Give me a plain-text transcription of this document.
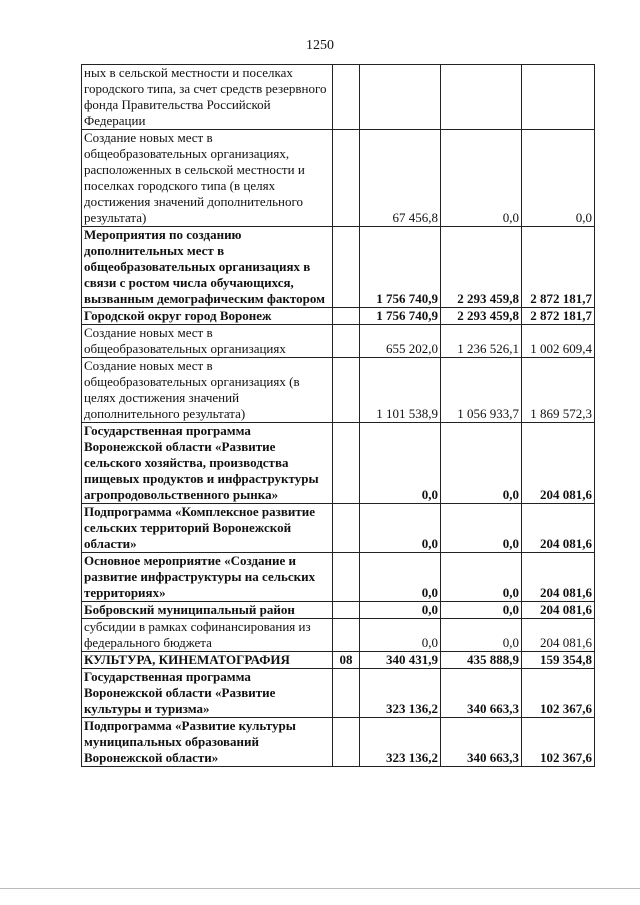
1250
ных в сельской местности и поселках городского типа, за счет средств резервного фонда Правительства Российской Федерации				
Создание новых мест в общеобразовательных организациях, расположенных в сельской местности и поселках городского типа (в целях достижения значений дополнительного результата)		67 456,8	0,0	0,0
Мероприятия по созданию дополнительных мест в общеобразовательных организациях в связи с ростом числа обучающихся, вызванным демографическим фактором		1 756 740,9	2 293 459,8	2 872 181,7
Городской округ город Воронеж		1 756 740,9	2 293 459,8	2 872 181,7
Создание новых мест в общеобразовательных организациях		655 202,0	1 236 526,1	1 002 609,4
Создание новых мест в общеобразовательных организациях (в целях достижения значений дополнительного результата)		1 101 538,9	1 056 933,7	1 869 572,3
Государственная программа Воронежской области «Развитие сельского хозяйства, производства пищевых продуктов и инфраструктуры агропродовольственного рынка»		0,0	0,0	204 081,6
Подпрограмма «Комплексное развитие сельских территорий Воронежской области»		0,0	0,0	204 081,6
Основное мероприятие «Создание и развитие инфраструктуры на сельских территориях»		0,0	0,0	204 081,6
Бобровский муниципальный район		0,0	0,0	204 081,6
субсидии в рамках софинансирования из федерального бюджета		0,0	0,0	204 081,6
КУЛЬТУРА, КИНЕМАТОГРАФИЯ	08	340 431,9	435 888,9	159 354,8
Государственная программа Воронежской области «Развитие культуры и туризма»		323 136,2	340 663,3	102 367,6
Подпрограмма «Развитие культуры муниципальных образований Воронежской области»		323 136,2	340 663,3	102 367,6
